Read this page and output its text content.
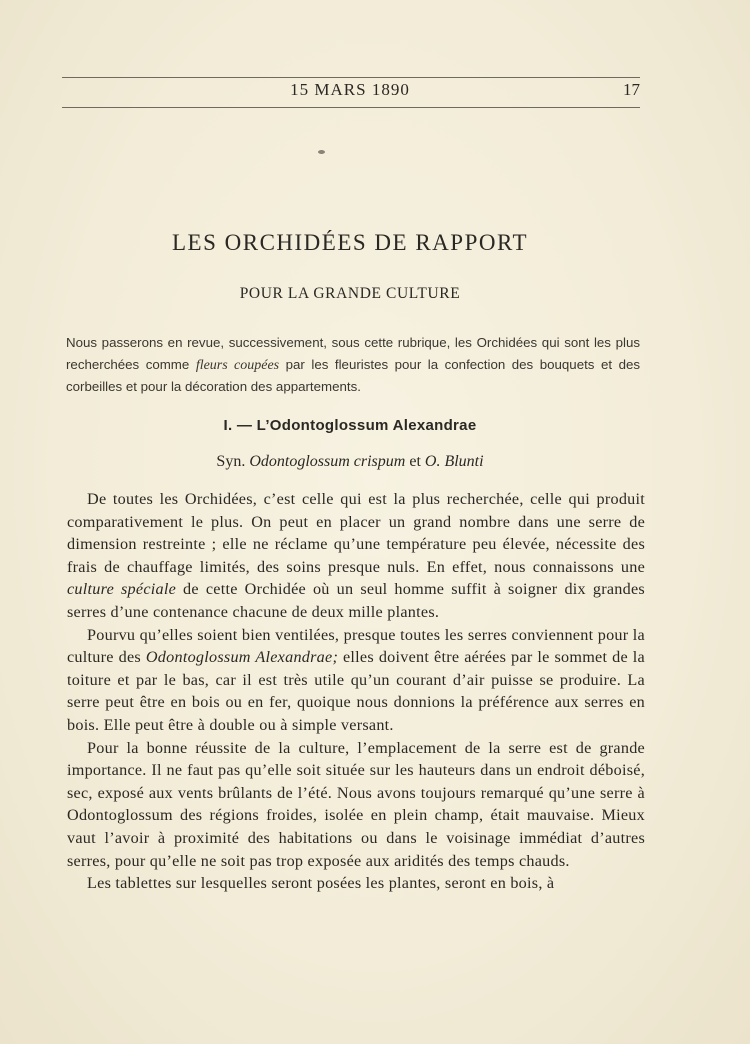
15 MARS 1890	17
LES ORCHIDÉES DE RAPPORT
POUR LA GRANDE CULTURE
Nous passerons en revue, successivement, sous cette rubrique, les Orchidées qui sont les plus recherchées comme fleurs coupées par les fleuristes pour la confection des bouquets et des corbeilles et pour la décoration des appartements.
I. — L’Odontoglossum Alexandrae
Syn. Odontoglossum crispum et O. Blunti

De toutes les Orchidées, c’est celle qui est la plus recherchée, celle qui produit comparativement le plus. On peut en placer un grand nombre dans une serre de dimension restreinte ; elle ne réclame qu’une température peu élevée, nécessite des frais de chauffage limités, des soins presque nuls. En effet, nous connaissons une culture spéciale de cette Orchidée où un seul homme suffit à soigner dix grandes serres d’une contenance chacune de deux mille plantes.

Pourvu qu’elles soient bien ventilées, presque toutes les serres conviennent pour la culture des Odontoglossum Alexandrae; elles doivent être aérées par le sommet de la toiture et par le bas, car il est très utile qu’un courant d’air puisse se produire. La serre peut être en bois ou en fer, quoique nous donnions la préférence aux serres en bois. Elle peut être à double ou à simple versant.

Pour la bonne réussite de la culture, l’emplacement de la serre est de grande importance. Il ne faut pas qu’elle soit située sur les hauteurs dans un endroit déboisé, sec, exposé aux vents brûlants de l’été. Nous avons toujours remarqué qu’une serre à Odontoglossum des régions froides, isolée en plein champ, était mauvaise. Mieux vaut l’avoir à proximité des habitations ou dans le voisinage immédiat d’autres serres, pour qu’elle ne soit pas trop exposée aux aridités des temps chauds.

Les tablettes sur lesquelles seront posées les plantes, seront en bois, à
